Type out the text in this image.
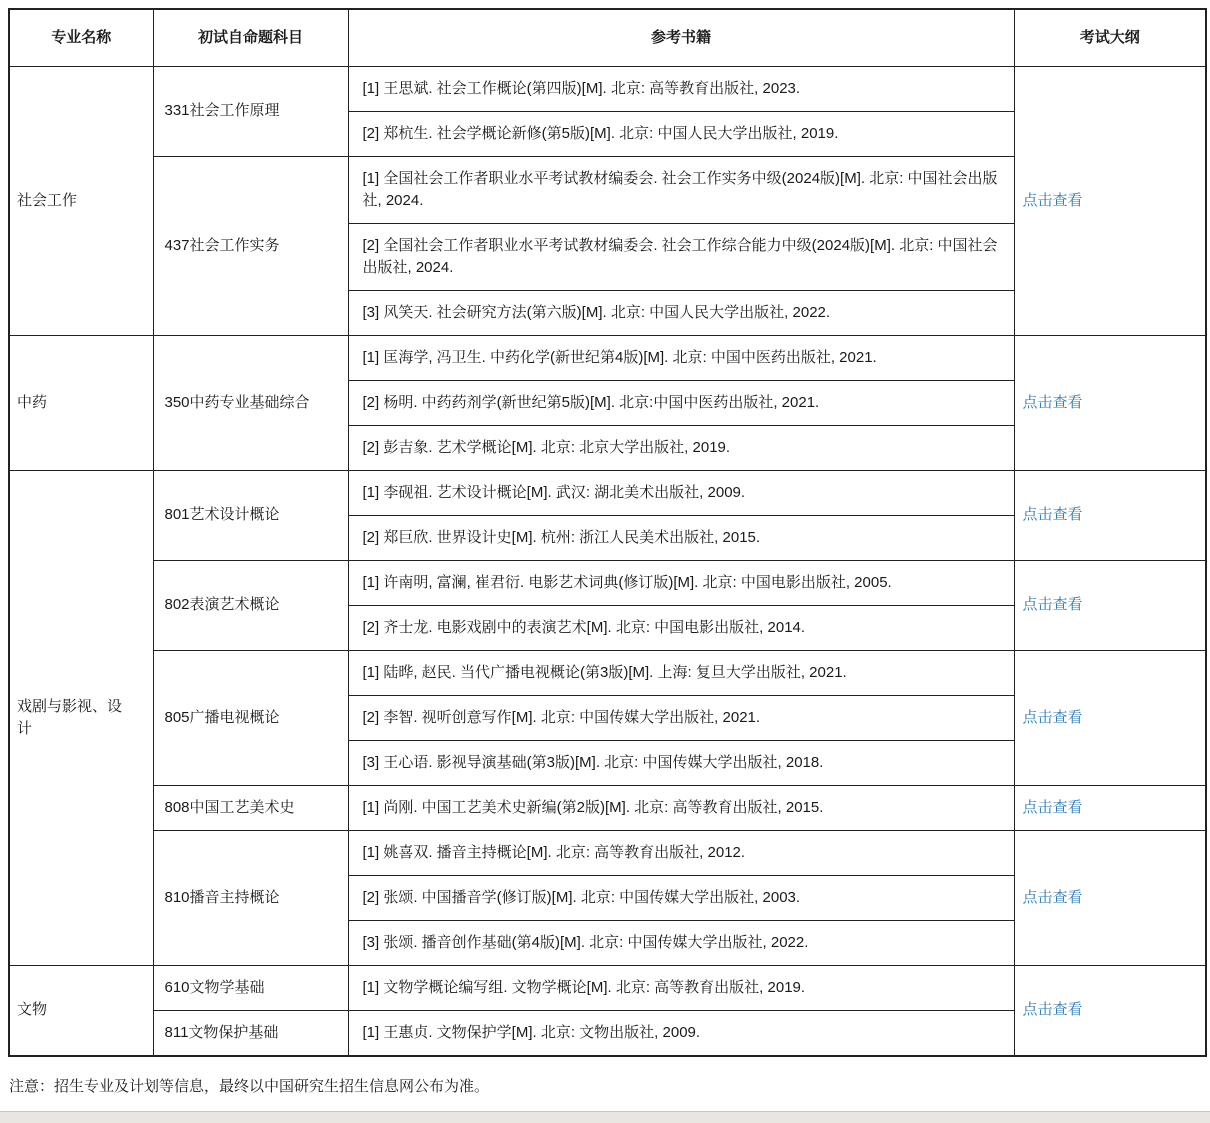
专业名称	初试自命题科目	参考书籍	考试大纲
社会工作	331社会工作原理	[1] 王思斌. 社会工作概论(第四版)[M]. 北京: 高等教育出版社, 2023.	点击查看
		[2] 郑杭生. 社会学概论新修(第5版)[M]. 北京: 中国人民大学出版社, 2019.	
	437社会工作实务	[1] 全国社会工作者职业水平考试教材编委会. 社会工作实务中级(2024版)[M]. 北京: 中国社会出版社, 2024.	
		[2] 全国社会工作者职业水平考试教材编委会. 社会工作综合能力中级(2024版)[M]. 北京: 中国社会出版社, 2024.	
		[3] 风笑天. 社会研究方法(第六版)[M]. 北京: 中国人民大学出版社, 2022.	
中药	350中药专业基础综合	[1] 匡海学, 冯卫生. 中药化学(新世纪第4版)[M]. 北京: 中国中医药出版社, 2021.	点击查看
		[2] 杨明. 中药药剂学(新世纪第5版)[M]. 北京:中国中医药出版社, 2021.	
		[2] 彭吉象. 艺术学概论[M]. 北京: 北京大学出版社, 2019.	
戏剧与影视、设计	801艺术设计概论	[1] 李砚祖. 艺术设计概论[M]. 武汉: 湖北美术出版社, 2009.	点击查看
		[2] 郑巨欣. 世界设计史[M]. 杭州: 浙江人民美术出版社, 2015.	
	802表演艺术概论	[1] 许南明, 富澜, 崔君衍. 电影艺术词典(修订版)[M]. 北京: 中国电影出版社, 2005.	点击查看
		[2] 齐士龙. 电影戏剧中的表演艺术[M]. 北京: 中国电影出版社, 2014.	
	805广播电视概论	[1] 陆晔, 赵民. 当代广播电视概论(第3版)[M]. 上海: 复旦大学出版社, 2021.	点击查看
		[2] 李智. 视听创意写作[M]. 北京: 中国传媒大学出版社, 2021.	
		[3] 王心语. 影视导演基础(第3版)[M]. 北京: 中国传媒大学出版社, 2018.	
	808中国工艺美术史	[1] 尚刚. 中国工艺美术史新编(第2版)[M]. 北京: 高等教育出版社, 2015.	点击查看
	810播音主持概论	[1] 姚喜双. 播音主持概论[M]. 北京: 高等教育出版社, 2012.	点击查看
		[2] 张颂. 中国播音学(修订版)[M]. 北京: 中国传媒大学出版社, 2003.	
		[3] 张颂. 播音创作基础(第4版)[M]. 北京: 中国传媒大学出版社, 2022.	
文物	610文物学基础	[1] 文物学概论编写组. 文物学概论[M]. 北京: 高等教育出版社, 2019.	点击查看
	811文物保护基础	[1] 王惠贞. 文物保护学[M]. 北京: 文物出版社, 2009.	
注意：招生专业及计划等信息，最终以中国研究生招生信息网公布为准。
